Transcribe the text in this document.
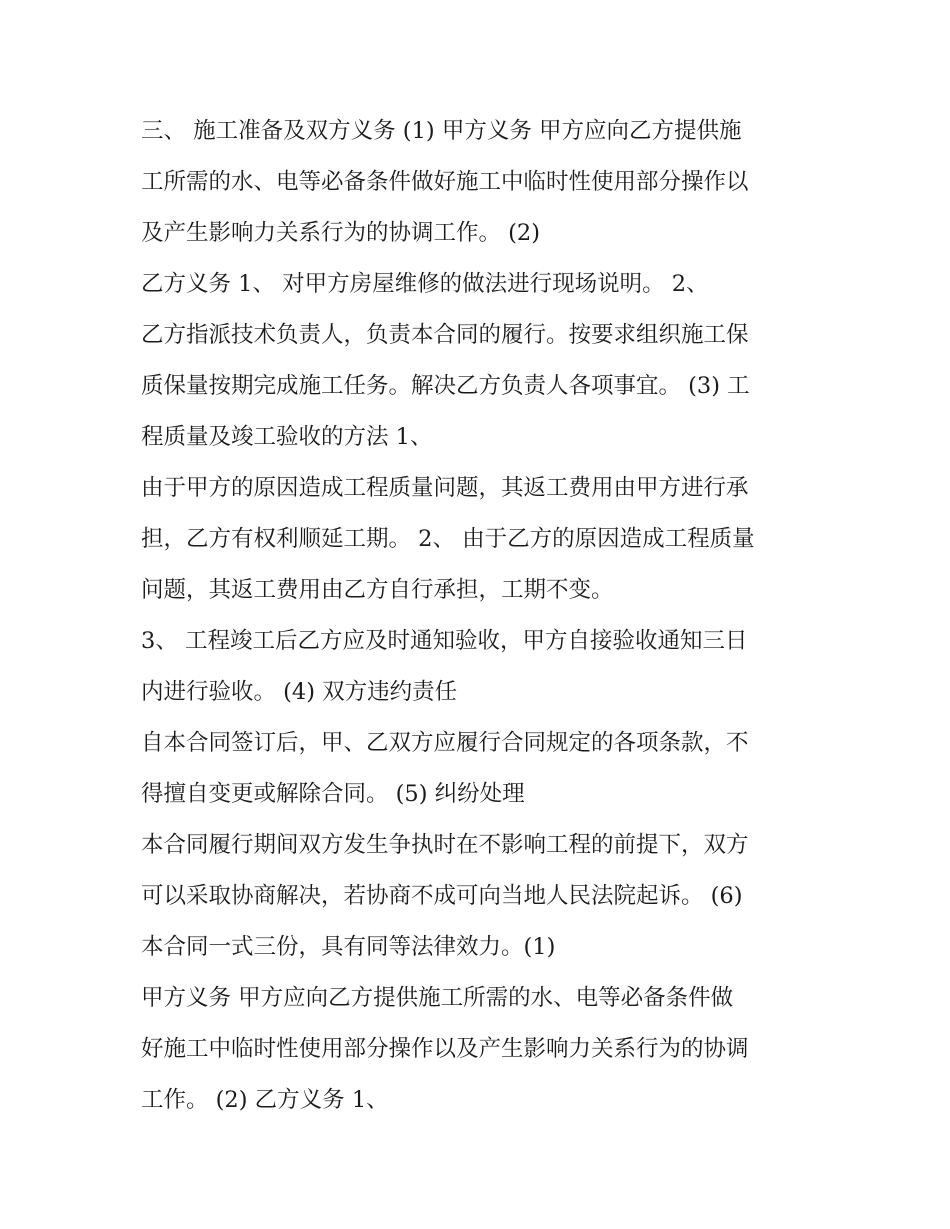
三、 施工准备及双方义务 (1) 甲方义务 甲方应向乙方提供施
工所需的水、电等必备条件做好施工中临时性使用部分操作以
及产生影响力关系行为的协调工作。 (2)
乙方义务 1、 对甲方房屋维修的做法进行现场说明。 2、
乙方指派技术负责人，负责本合同的履行。按要求组织施工保
质保量按期完成施工任务。解决乙方负责人各项事宜。 (3) 工
程质量及竣工验收的方法 1、
由于甲方的原因造成工程质量问题，其返工费用由甲方进行承
担，乙方有权利顺延工期。 2、 由于乙方的原因造成工程质量
问题，其返工费用由乙方自行承担，工期不变。
3、 工程竣工后乙方应及时通知验收，甲方自接验收通知三日
内进行验收。 (4) 双方违约责任
自本合同签订后，甲、乙双方应履行合同规定的各项条款，不
得擅自变更或解除合同。 (5) 纠纷处理
本合同履行期间双方发生争执时在不影响工程的前提下，双方
可以采取协商解决，若协商不成可向当地人民法院起诉。 (6)
本合同一式三份，具有同等法律效力。(1)
甲方义务 甲方应向乙方提供施工所需的水、电等必备条件做
好施工中临时性使用部分操作以及产生影响力关系行为的协调
工作。 (2) 乙方义务 1、
